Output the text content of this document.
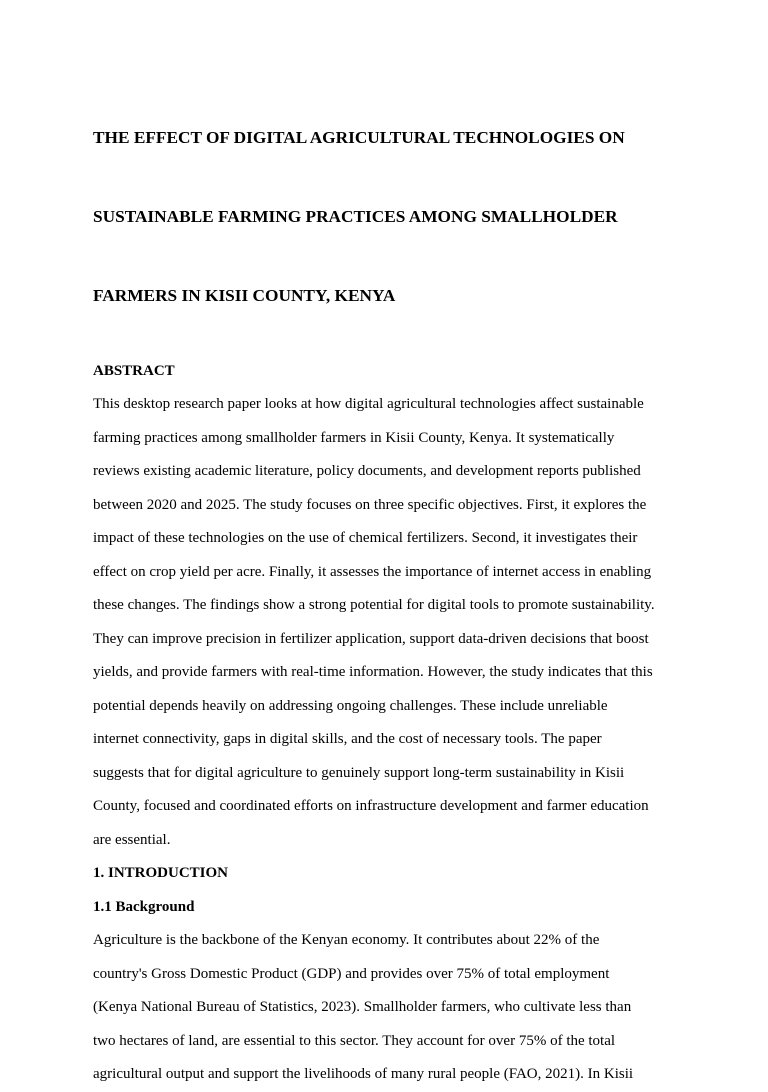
THE EFFECT OF DIGITAL AGRICULTURAL TECHNOLOGIES ON

SUSTAINABLE FARMING PRACTICES AMONG SMALLHOLDER

FARMERS IN KISII COUNTY, KENYA

ABSTRACT

This desktop research paper looks at how digital agricultural technologies affect sustainable
farming practices among smallholder farmers in Kisii County, Kenya. It systematically
reviews existing academic literature, policy documents, and development reports published
between 2020 and 2025. The study focuses on three specific objectives. First, it explores the
impact of these technologies on the use of chemical fertilizers. Second, it investigates their
effect on crop yield per acre. Finally, it assesses the importance of internet access in enabling
these changes. The findings show a strong potential for digital tools to promote sustainability.
They can improve precision in fertilizer application, support data-driven decisions that boost
yields, and provide farmers with real-time information. However, the study indicates that this
potential depends heavily on addressing ongoing challenges. These include unreliable
internet connectivity, gaps in digital skills, and the cost of necessary tools. The paper
suggests that for digital agriculture to genuinely support long-term sustainability in Kisii
County, focused and coordinated efforts on infrastructure development and farmer education
are essential.

1. INTRODUCTION
1.1 Background

Agriculture is the backbone of the Kenyan economy. It contributes about 22% of the
country's Gross Domestic Product (GDP) and provides over 75% of total employment
(Kenya National Bureau of Statistics, 2023). Smallholder farmers, who cultivate less than
two hectares of land, are essential to this sector. They account for over 75% of the total
agricultural output and support the livelihoods of many rural people (FAO, 2021). In Kisii
